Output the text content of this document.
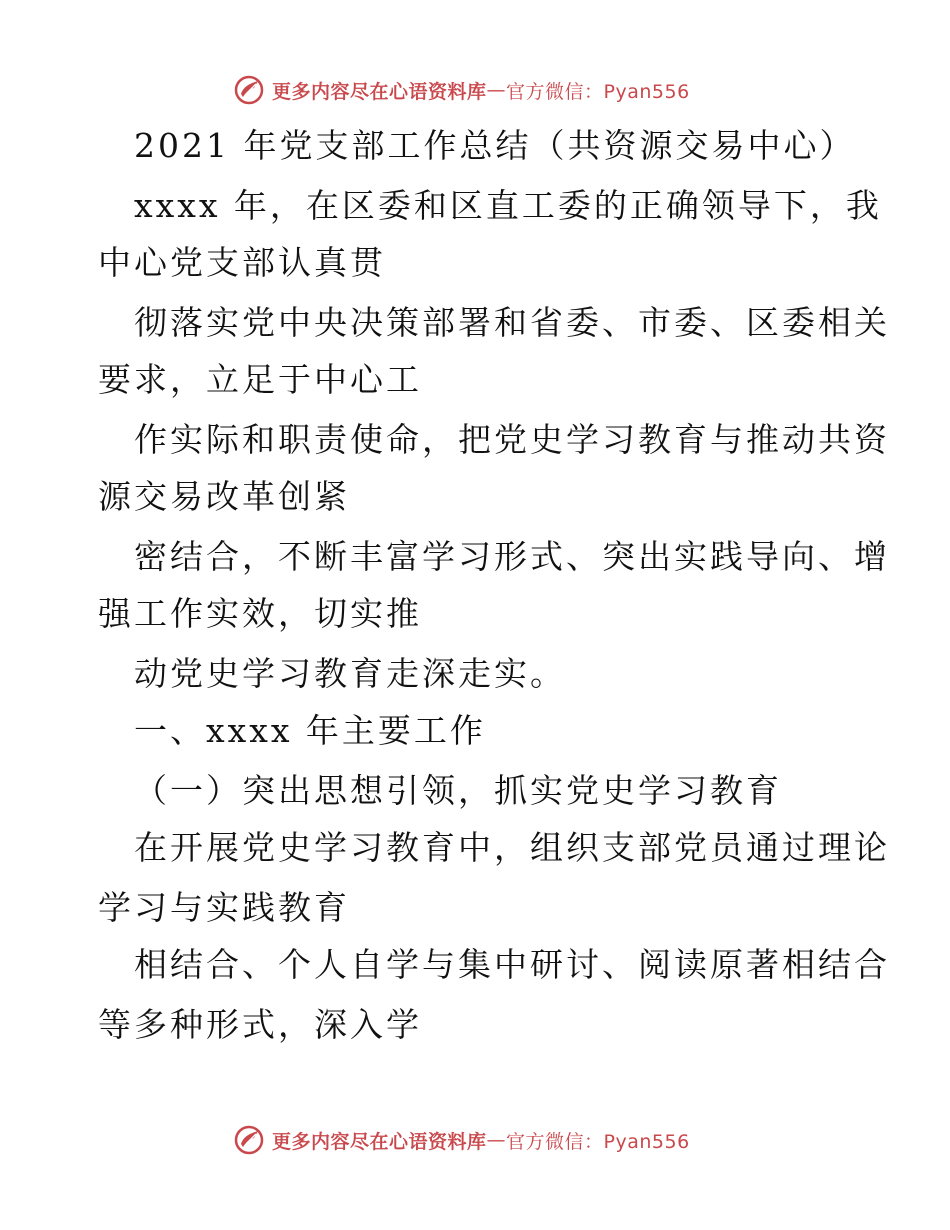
更多内容尽在心语资料库 — 官方微信：Pyan556
2021 年党支部工作总结（共资源交易中心）
xxxx 年，在区委和区直工委的正确领导下，我
中心党支部认真贯
彻落实党中央决策部署和省委、市委、区委相关
要求，立足于中心工
作实际和职责使命，把党史学习教育与推动共资
源交易改革创紧
密结合，不断丰富学习形式、突出实践导向、增
强工作实效，切实推
动党史学习教育走深走实。
一、xxxx 年主要工作
（一）突出思想引领，抓实党史学习教育
在开展党史学习教育中，组织支部党员通过理论
学习与实践教育
相结合、个人自学与集中研讨、阅读原著相结合
等多种形式，深入学
更多内容尽在心语资料库 — 官方微信：Pyan556
